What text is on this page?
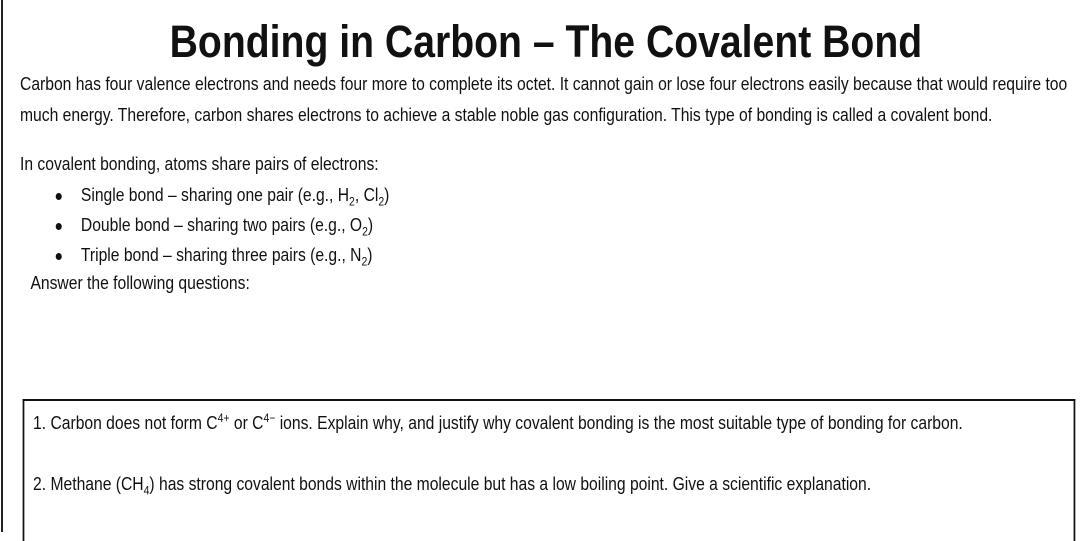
Bonding in Carbon – The Covalent Bond
Carbon has four valence electrons and needs four more to complete its octet. It cannot gain or lose four electrons easily because that would require too much energy. Therefore, carbon shares electrons to achieve a stable noble gas configuration. This type of bonding is called a covalent bond.
In covalent bonding, atoms share pairs of electrons:
Single bond – sharing one pair (e.g., $H_2$, $Cl_2$)
Double bond – sharing two pairs (e.g., $O_2$)
Triple bond – sharing three pairs (e.g., $N_2$)
Answer the following questions:
1. Carbon does not form $C^{4+}$ or $C^{4-}$ ions. Explain why, and justify why covalent bonding is the most suitable type of bonding for carbon.
2. Methane $(CH_4)$ has strong covalent bonds within the molecule but has a low boiling point. Give a scientific explanation.
